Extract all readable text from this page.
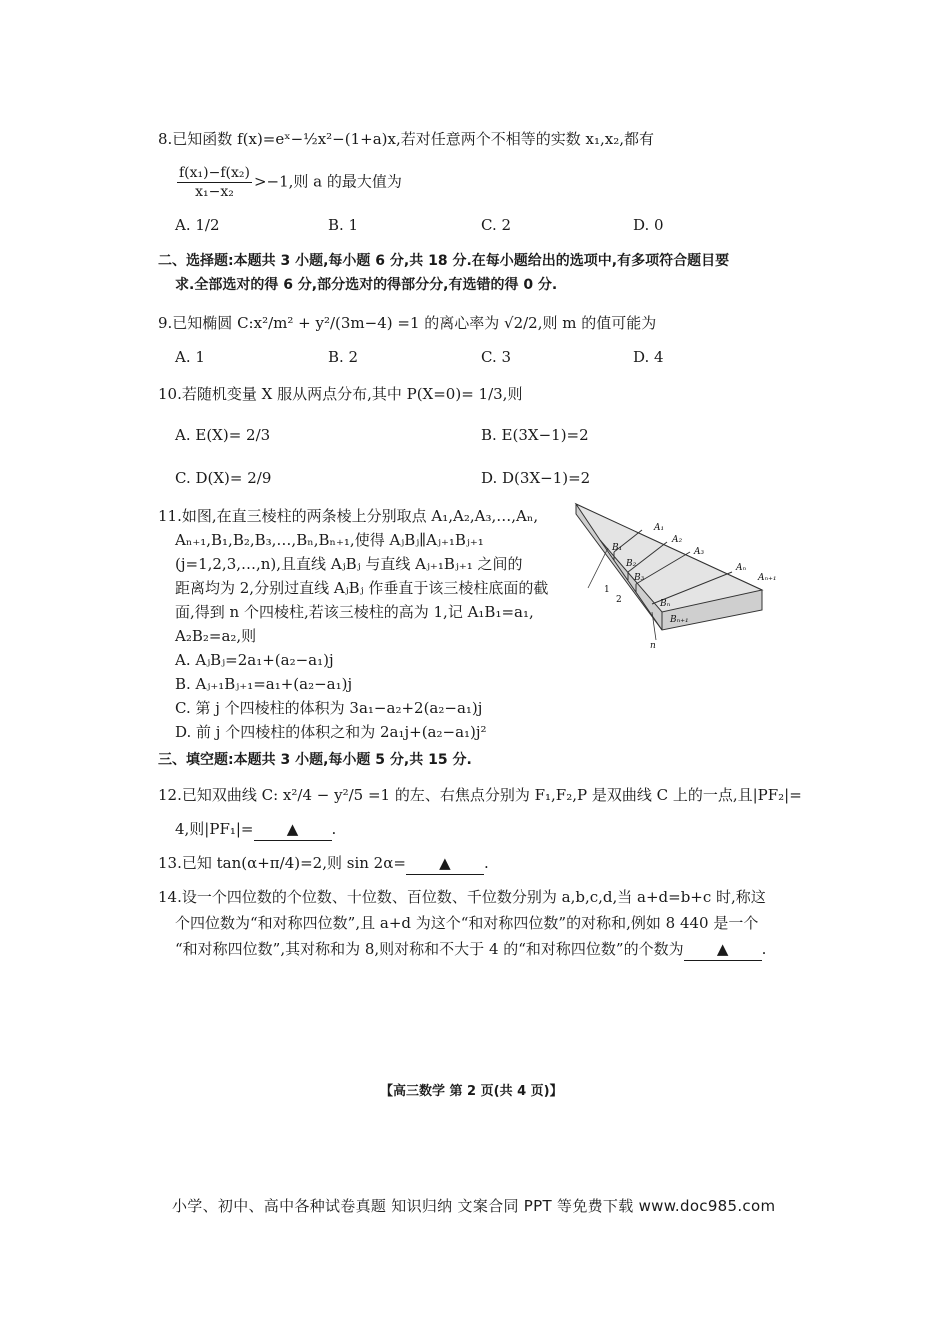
8.已知函数 f(x)=eˣ−½x²−(1+a)x,若对任意两个不相等的实数 x₁,x₂,都有
$\frac{\text{f(x₁)−f(x₂)}}{\text{x₁−x₂}} >-1$,则 a 的最大值为
A. 1/2	B. 1	C. 2	D. 0
二、选择题:本题共 3 小题,每小题 6 分,共 18 分.在每小题给出的选项中,有多项符合题目要
求.全部选对的得 6 分,部分选对的得部分分,有选错的得 0 分.
9.已知椭圆 C:x²/m² + y²/(3m−4) =1 的离心率为 √2/2,则 m 的值可能为
A. 1	B. 2	C. 3	D. 4
10.若随机变量 X 服从两点分布,其中 P(X=0)= 1/3,则
A. E(X)= 2/3	B. E(3X−1)=2
C. D(X)= 2/9	D. D(3X−1)=2
11.如图,在直三棱柱的两条棱上分别取点 A₁,A₂,A₃,…,Aₙ,
Aₙ₊₁,B₁,B₂,B₃,…,Bₙ,Bₙ₊₁,使得 AⱼBⱼ∥Aⱼ₊₁Bⱼ₊₁
(j=1,2,3,…,n),且直线 AⱼBⱼ 与直线 Aⱼ₊₁Bⱼ₊₁ 之间的
距离均为 2,分别过直线 AⱼBⱼ 作垂直于该三棱柱底面的截
面,得到 n 个四棱柱,若该三棱柱的高为 1,记 A₁B₁=a₁,
A₂B₂=a₂,则
A. AⱼBⱼ=2a₁+(a₂−a₁)j
B. Aⱼ₊₁Bⱼ₊₁=a₁+(a₂−a₁)j
C. 第 j 个四棱柱的体积为 3a₁−a₂+2(a₂−a₁)j
D. 前 j 个四棱柱的体积之和为 2a₁j+(a₂−a₁)j²
A₁
A₂
A₃
Aₙ
Aₙ₊₁
B₁
B₂
B₃
Bₙ
Bₙ₊₁
1
2
n
三、填空题:本题共 3 小题,每小题 5 分,共 15 分.
12.已知双曲线 C: x²/4 − y²/5 =1 的左、右焦点分别为 F₁,F₂,P 是双曲线 C 上的一点,且|PF₂|=
4,则|PF₁|= ▲ .
13.已知 tan(α+π/4)=2,则 sin 2α= ▲ .
14.设一个四位数的个位数、十位数、百位数、千位数分别为 a,b,c,d,当 a+d=b+c 时,称这
个四位数为“和对称四位数”,且 a+d 为这个“和对称四位数”的对称和,例如 8 440 是一个
“和对称四位数”,其对称和为 8,则对称和不大于 4 的“和对称四位数”的个数为 ▲ .
【高三数学 第 2 页(共 4 页)】
小学、初中、高中各种试卷真题 知识归纳 文案合同 PPT 等免费下载 www.doc985.com
